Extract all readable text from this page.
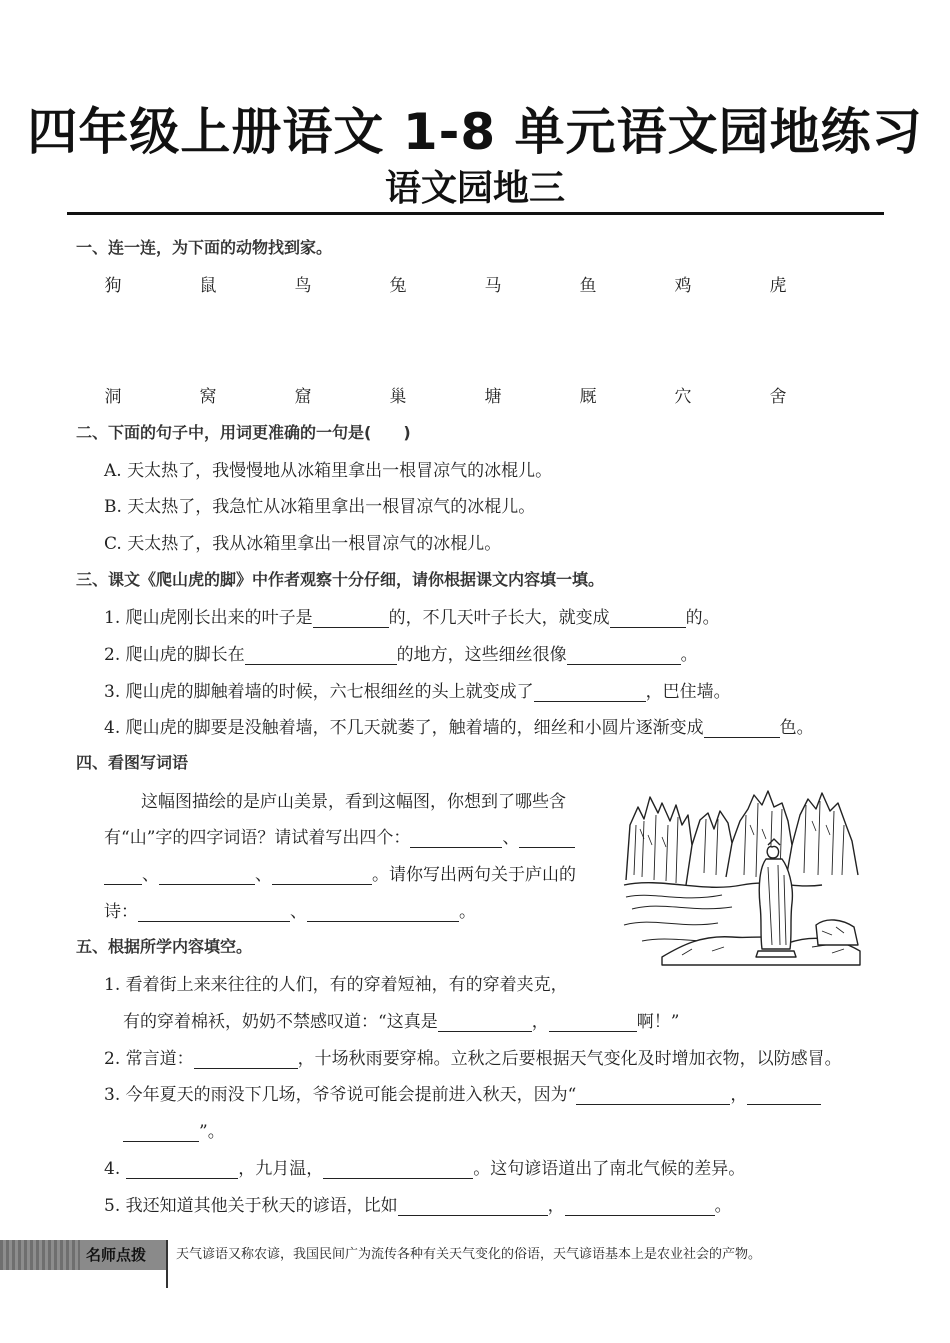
四年级上册语文 1-8 单元语文园地练习
语文园地三
一、连一连，为下面的动物找到家。
狗	鼠	鸟	兔	马	鱼	鸡	虎
洞	窝	窟	巢	塘	厩	穴	舍
二、下面的句子中，用词更准确的一句是(　　)
A. 天太热了，我慢慢地从冰箱里拿出一根冒凉气的冰棍儿。
B. 天太热了，我急忙从冰箱里拿出一根冒凉气的冰棍儿。
C. 天太热了，我从冰箱里拿出一根冒凉气的冰棍儿。
三、课文《爬山虎的脚》中作者观察十分仔细，请你根据课文内容填一填。
1. 爬山虎刚长出来的叶子是	的，不几天叶子长大，就变成	的。
2. 爬山虎的脚长在	的地方，这些细丝很像	。
3. 爬山虎的脚触着墙的时候，六七根细丝的头上就变成了	，巴住墙。
4. 爬山虎的脚要是没触着墙，不几天就萎了，触着墙的，细丝和小圆片逐渐变成	色。
四、看图写词语
这幅图描绘的是庐山美景，看到这幅图，你想到了哪些含
有“山”字的四字词语？请试着写出四个：	、
、	、	。请你写出两句关于庐山的
诗：	、	。
五、根据所学内容填空。
1. 看着街上来来往往的人们，有的穿着短袖，有的穿着夹克，
有的穿着棉袄，奶奶不禁感叹道：“这真是	，	啊！”
2. 常言道：	，十场秋雨要穿棉。立秋之后要根据天气变化及时增加衣物，以防感冒。
3. 今年夏天的雨没下几场，爷爷说可能会提前进入秋天，因为“	，
”。
4.	，九月温，	。这句谚语道出了南北气候的差异。
5. 我还知道其他关于秋天的谚语，比如	，	。
名师点拨 天气谚语又称农谚，我国民间广为流传各种有关天气变化的俗语，天气谚语基本上是农业社会的产物。
